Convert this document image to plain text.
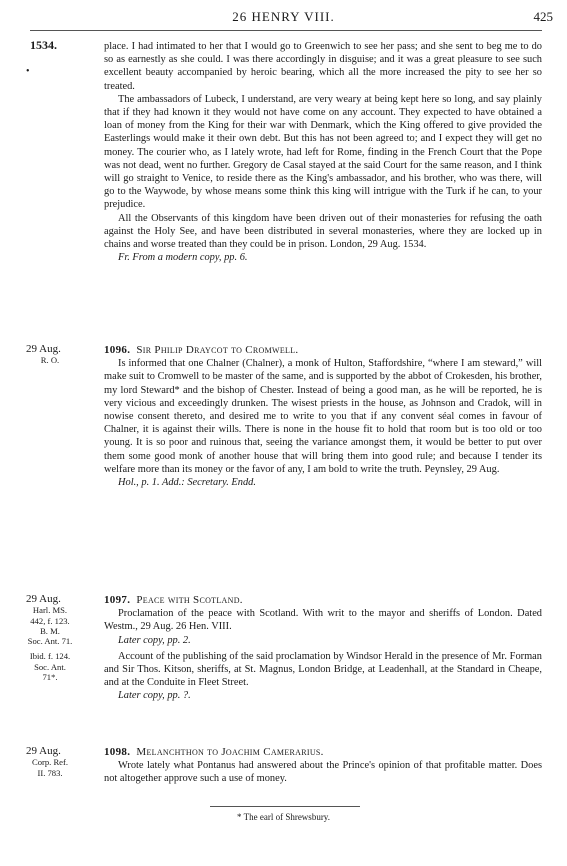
26 HENRY VIII.	425
1534.
•

place. I had intimated to her that I would go to Greenwich to see her pass; and she sent to beg me to do so as earnestly as she could. I was there accordingly in disguise; and it was a great pleasure to see such excellent beauty accompanied by heroic bearing, which all the more increased the pity to see her so treated.

The ambassadors of Lubeck, I understand, are very weary at being kept here so long, and say plainly that if they had known it they would not have come on any account. They expected to have obtained a loan of money from the King for their war with Denmark, which the King offered to give provided the Easterlings would make it their own debt. But this has not been agreed to; and I expect they will get no money. The courier who, as I lately wrote, had left for Rome, finding in the French Court that the Pope was not dead, went no further. Gregory de Casal stayed at the said Court for the same reason, and I think will go straight to Venice, to reside there as the King's ambassador, and his brother, who was there, will go to the Waywode, by whose means some think this king will intrigue with the Turk if he can, to your prejudice.

All the Observants of this kingdom have been driven out of their monasteries for refusing the oath against the Holy See, and have been distributed in several monasteries, where they are locked up in chains and worse treated than they could be in prison. London, 29 Aug. 1534.

Fr. From a modern copy, pp. 6.

29 Aug.
R. O.

1096. Sir Philip Draycot to Cromwell.

Is informed that one Chalner (Chalner), a monk of Hulton, Staffordshire, “where I am steward,” will make suit to Cromwell to be master of the same, and is supported by the abbot of Crokesden, his brother, my lord Steward* and the bishop of Chester. Instead of being a good man, as he will be reported, he is very vicious and exceedingly drunken. The wisest priests in the house, as Johnson and Cradok, will in nowise consent thereto, and desired me to write to you that if any convent séal comes in favour of Chalner, it is against their wills. There is none in the house fit to hold that room but is too old or too young. It is so poor and ruinous that, seeing the variance amongst them, it would be better to put over them some good monk of another house that will bring them into good rule; and because I tender its welfare more than its money or the favor of any, I am bold to write the truth. Peynsley, 29 Aug.

Hol., p. 1. Add.: Secretary. Endd.

29 Aug.
Harl. MS.
442, f. 123.
B. M.
Soc. Ant. 71.
Ibid. f. 124.
Soc. Ant. 71*.

1097. Peace with Scotland.

Proclamation of the peace with Scotland. With writ to the mayor and sheriffs of London. Dated Westm., 29 Aug. 26 Hen. VIII.

Later copy, pp. 2.

Account of the publishing of the said proclamation by Windsor Herald in the presence of Mr. Forman and Sir Thos. Kitson, sheriffs, at St. Magnus, London Bridge, at Leadenhall, at the Standard in Cheape, and at the Conduite in Fleet Street.

Later copy, pp. ?.

29 Aug.
Corp. Ref.
II. 783.

1098. Melanchthon to Joachim Camerarius.

Wrote lately what Pontanus had answered about the Prince's opinion of that profitable matter. Does not altogether approve such a use of money.

* The earl of Shrewsbury.
